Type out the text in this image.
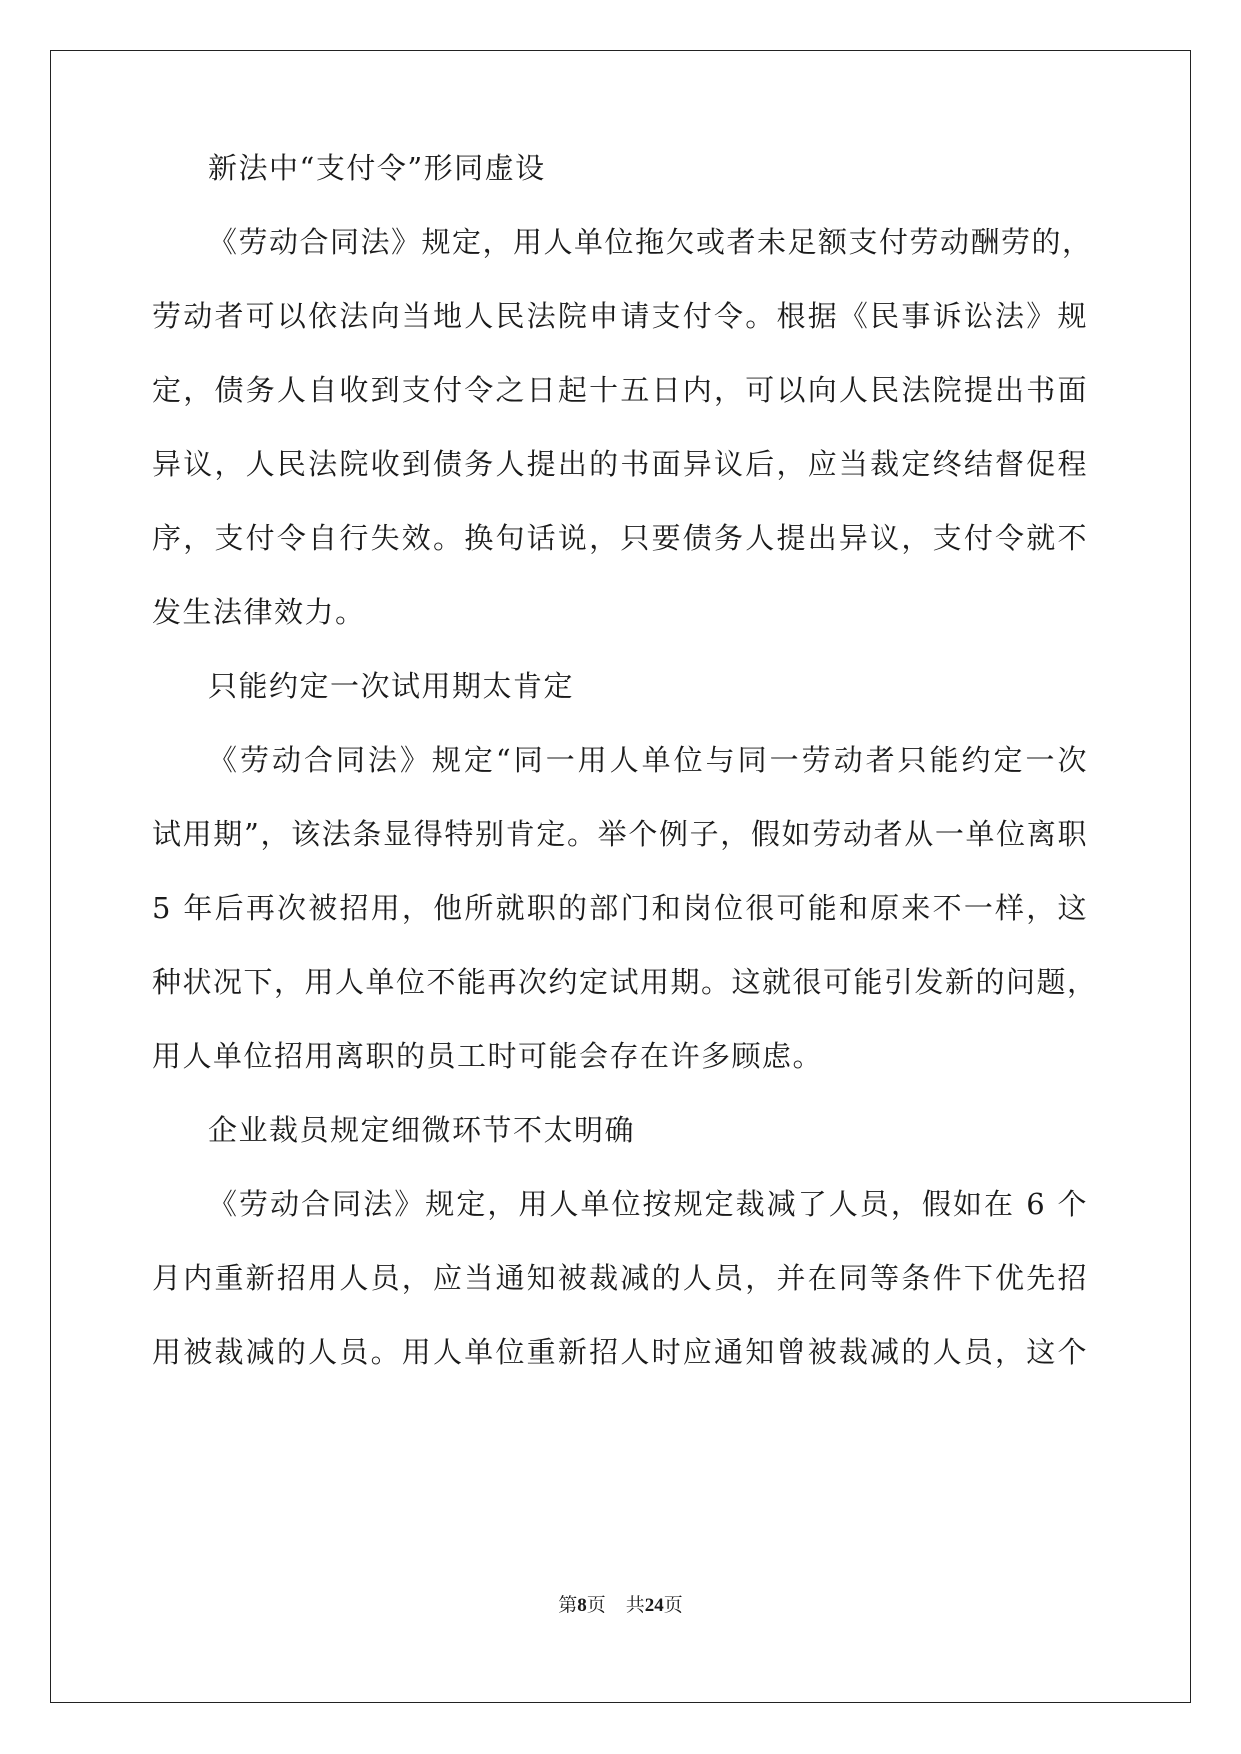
新法中“支付令”形同虚设
《劳动合同法》规定，用人单位拖欠或者未足额支付劳动酬劳的，
劳动者可以依法向当地人民法院申请支付令。根据《民事诉讼法》规
定，债务人自收到支付令之日起十五日内，可以向人民法院提出书面
异议，人民法院收到债务人提出的书面异议后，应当裁定终结督促程
序，支付令自行失效。换句话说，只要债务人提出异议，支付令就不
发生法律效力。
只能约定一次试用期太肯定
《劳动合同法》规定“同一用人单位与同一劳动者只能约定一次
试用期”，该法条显得特别肯定。举个例子，假如劳动者从一单位离职
5 年后再次被招用，他所就职的部门和岗位很可能和原来不一样，这
种状况下，用人单位不能再次约定试用期。这就很可能引发新的问题，
用人单位招用离职的员工时可能会存在许多顾虑。
企业裁员规定细微环节不太明确
《劳动合同法》规定，用人单位按规定裁减了人员，假如在 6 个
月内重新招用人员，应当通知被裁减的人员，并在同等条件下优先招
用被裁减的人员。用人单位重新招人时应通知曾被裁减的人员，这个
第8页 共24页
